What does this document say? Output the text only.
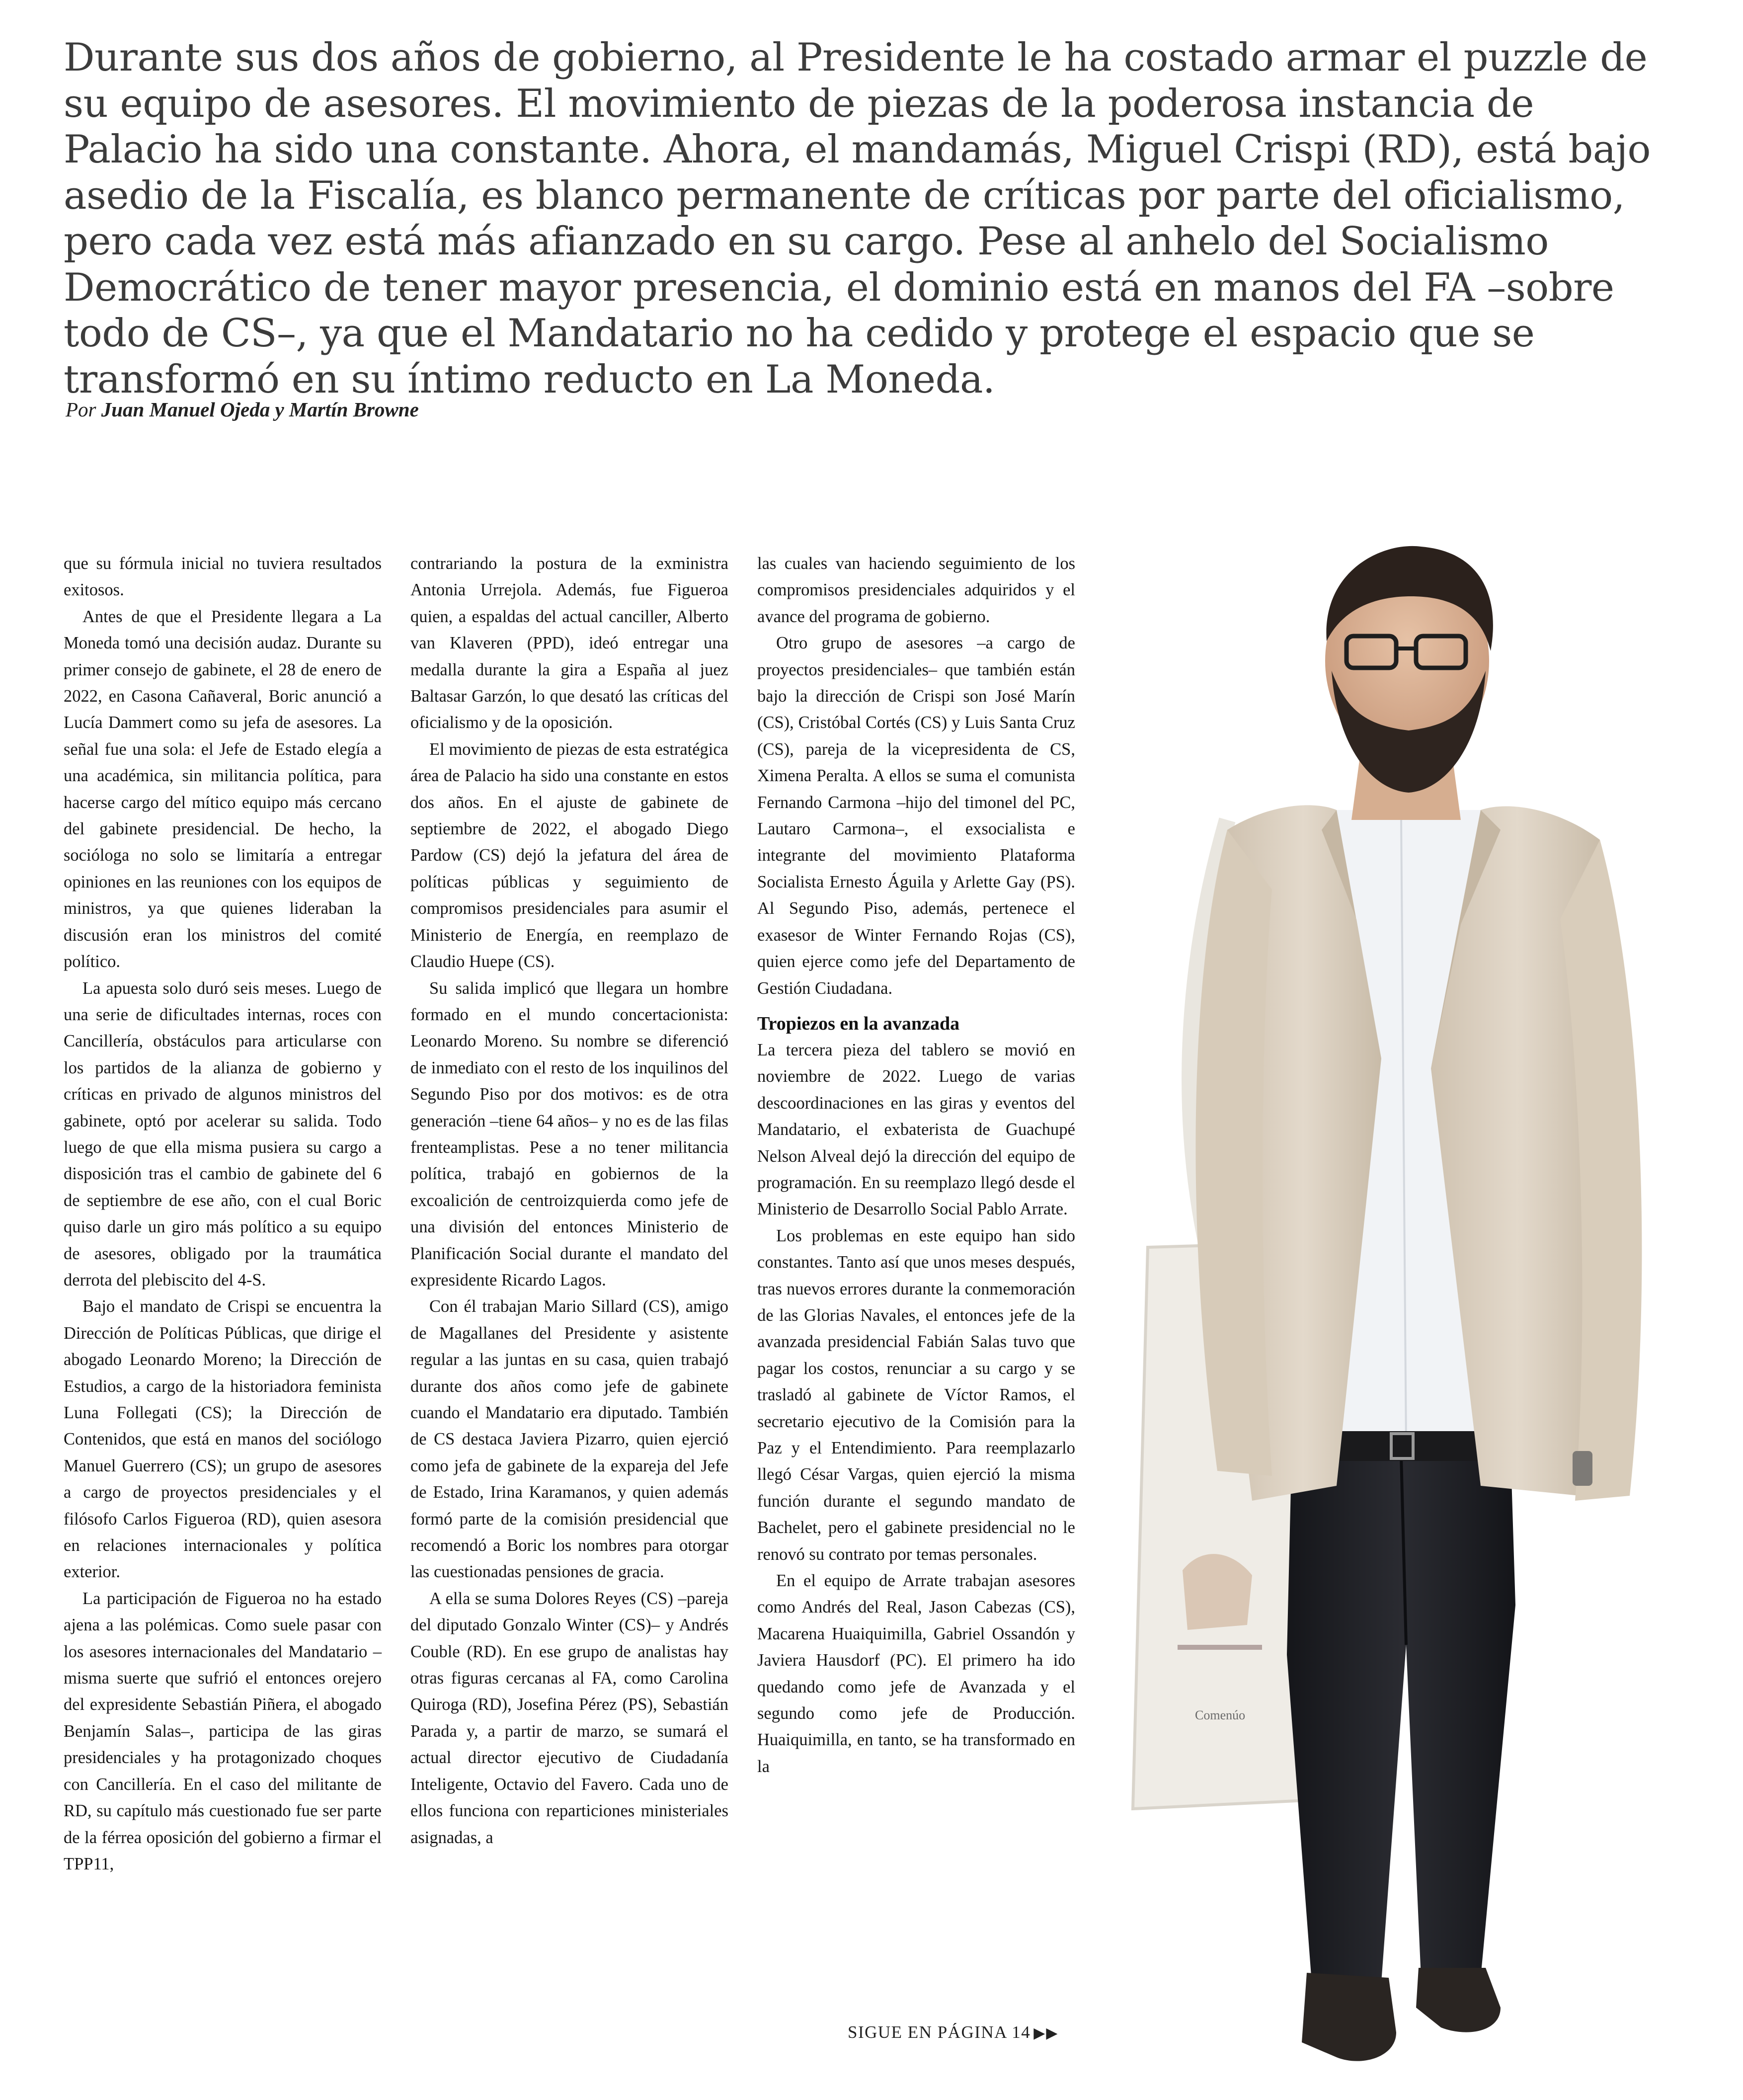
Durante sus dos años de gobierno, al Presidente le ha costado armar el puzzle de su equipo de asesores. El movimiento de piezas de la poderosa instancia de Palacio ha sido una constante. Ahora, el mandamás, Miguel Crispi (RD), está bajo asedio de la Fiscalía, es blanco permanente de críticas por parte del oficialismo, pero cada vez está más afianzado en su cargo. Pese al anhelo del Socialismo Democrático de tener mayor presencia, el dominio está en manos del FA –sobre todo de CS–, ya que el Mandatario no ha cedido y protege el espacio que se transformó en su íntimo reducto en La Moneda.

Por Juan Manuel Ojeda y Martín Browne

que su fórmula inicial no tuviera resultados exitosos.

Antes de que el Presidente llegara a La Moneda tomó una decisión audaz. Durante su primer consejo de gabinete, el 28 de enero de 2022, en Casona Cañaveral, Boric anunció a Lucía Dammert como su jefa de asesores. La señal fue una sola: el Jefe de Estado elegía a una académica, sin militancia política, para hacerse cargo del mítico equipo más cercano del gabinete presidencial. De hecho, la socióloga no solo se limitaría a entregar opiniones en las reuniones con los equipos de ministros, ya que quienes lideraban la discusión eran los ministros del comité político.

La apuesta solo duró seis meses. Luego de una serie de dificultades internas, roces con Cancillería, obstáculos para articularse con los partidos de la alianza de gobierno y críticas en privado de algunos ministros del gabinete, optó por acelerar su salida. Todo luego de que ella misma pusiera su cargo a disposición tras el cambio de gabinete del 6 de septiembre de ese año, con el cual Boric quiso darle un giro más político a su equipo de asesores, obligado por la traumática derrota del plebiscito del 4-S.

Bajo el mandato de Crispi se encuentra la Dirección de Políticas Públicas, que dirige el abogado Leonardo Moreno; la Dirección de Estudios, a cargo de la historiadora feminista Luna Follegati (CS); la Dirección de Contenidos, que está en manos del sociólogo Manuel Guerrero (CS); un grupo de asesores a cargo de proyectos presidenciales y el filósofo Carlos Figueroa (RD), quien asesora en relaciones internacionales y política exterior.

La participación de Figueroa no ha estado ajena a las polémicas. Como suele pasar con los asesores internacionales del Mandatario –misma suerte que sufrió el entonces orejero del expresidente Sebastián Piñera, el abogado Benjamín Salas–, participa de las giras presidenciales y ha protagonizado choques con Cancillería. En el caso del militante de RD, su capítulo más cuestionado fue ser parte de la férrea oposición del gobierno a firmar el TPP11,

contrariando la postura de la exministra Antonia Urrejola. Además, fue Figueroa quien, a espaldas del actual canciller, Alberto van Klaveren (PPD), ideó entregar una medalla durante la gira a España al juez Baltasar Garzón, lo que desató las críticas del oficialismo y de la oposición.

El movimiento de piezas de esta estratégica área de Palacio ha sido una constante en estos dos años. En el ajuste de gabinete de septiembre de 2022, el abogado Diego Pardow (CS) dejó la jefatura del área de políticas públicas y seguimiento de compromisos presidenciales para asumir el Ministerio de Energía, en reemplazo de Claudio Huepe (CS).

Su salida implicó que llegara un hombre formado en el mundo concertacionista: Leonardo Moreno. Su nombre se diferenció de inmediato con el resto de los inquilinos del Segundo Piso por dos motivos: es de otra generación –tiene 64 años– y no es de las filas frenteamplistas. Pese a no tener militancia política, trabajó en gobiernos de la excoalición de centroizquierda como jefe de una división del entonces Ministerio de Planificación Social durante el mandato del expresidente Ricardo Lagos.

Con él trabajan Mario Sillard (CS), amigo de Magallanes del Presidente y asistente regular a las juntas en su casa, quien trabajó durante dos años como jefe de gabinete cuando el Mandatario era diputado. También de CS destaca Javiera Pizarro, quien ejerció como jefa de gabinete de la expareja del Jefe de Estado, Irina Karamanos, y quien además formó parte de la comisión presidencial que recomendó a Boric los nombres para otorgar las cuestionadas pensiones de gracia.

A ella se suma Dolores Reyes (CS) –pareja del diputado Gonzalo Winter (CS)– y Andrés Couble (RD). En ese grupo de analistas hay otras figuras cercanas al FA, como Carolina Quiroga (RD), Josefina Pérez (PS), Sebastián Parada y, a partir de marzo, se sumará el actual director ejecutivo de Ciudadanía Inteligente, Octavio del Favero. Cada uno de ellos funciona con reparticiones ministeriales asignadas, a

las cuales van haciendo seguimiento de los compromisos presidenciales adquiridos y el avance del programa de gobierno.

Otro grupo de asesores –a cargo de proyectos presidenciales– que también están bajo la dirección de Crispi son José Marín (CS), Cristóbal Cortés (CS) y Luis Santa Cruz (CS), pareja de la vicepresidenta de CS, Ximena Peralta. A ellos se suma el comunista Fernando Carmona –hijo del timonel del PC, Lautaro Carmona–, el exsocialista e integrante del movimiento Plataforma Socialista Ernesto Águila y Arlette Gay (PS). Al Segundo Piso, además, pertenece el exasesor de Winter Fernando Rojas (CS), quien ejerce como jefe del Departamento de Gestión Ciudadana.

Tropiezos en la avanzada

La tercera pieza del tablero se movió en noviembre de 2022. Luego de varias descoordinaciones en las giras y eventos del Mandatario, el exbaterista de Guachupé Nelson Alveal dejó la dirección del equipo de programación. En su reemplazo llegó desde el Ministerio de Desarrollo Social Pablo Arrate.

Los problemas en este equipo han sido constantes. Tanto así que unos meses después, tras nuevos errores durante la conmemoración de las Glorias Navales, el entonces jefe de la avanzada presidencial Fabián Salas tuvo que pagar los costos, renunciar a su cargo y se trasladó al gabinete de Víctor Ramos, el secretario ejecutivo de la Comisión para la Paz y el Entendimiento. Para reemplazarlo llegó César Vargas, quien ejerció la misma función durante el segundo mandato de Bachelet, pero el gabinete presidencial no le renovó su contrato por temas personales.

En el equipo de Arrate trabajan asesores como Andrés del Real, Jason Cabezas (CS), Macarena Huaiquimilla, Gabriel Ossandón y Javiera Hausdorf (PC). El primero ha ido quedando como jefe de Avanzada y el segundo como jefe de Producción. Huaiquimilla, en tanto, se ha transformado en la

SIGUE EN PÁGINA 14 ▶▶
Comenúo
